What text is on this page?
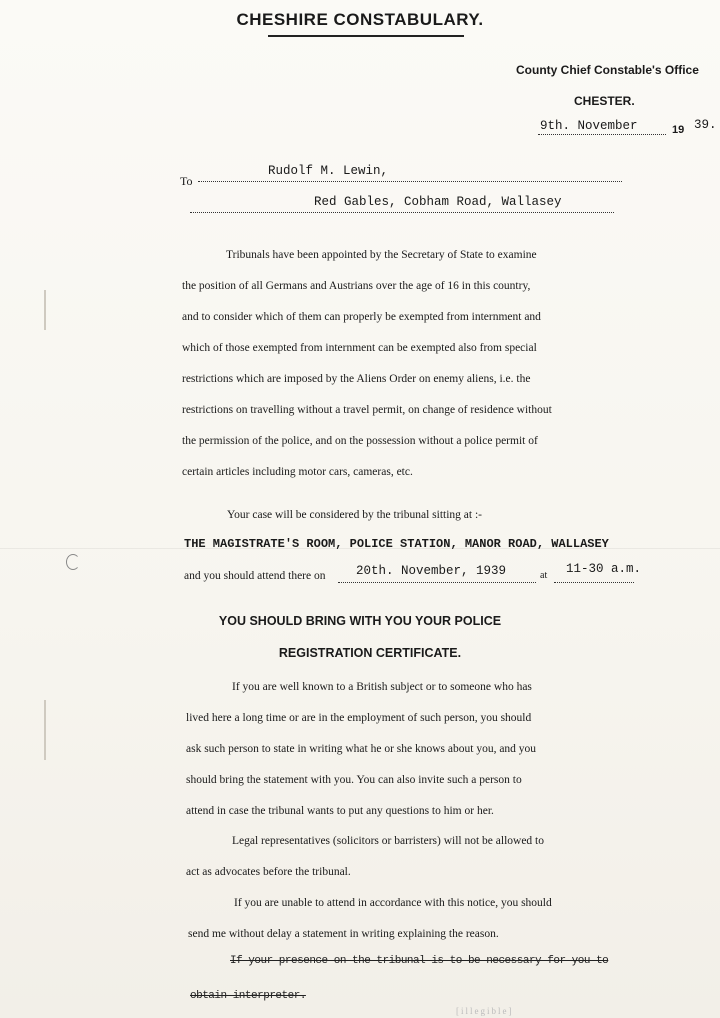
CHESHIRE CONSTABULARY.
County Chief Constable's Office
CHESTER.
9th. November	19 39.
To
Rudolf M. Lewin,
Red Gables, Cobham Road, Wallasey
Tribunals have been appointed by the Secretary of State to examine
the position of all Germans and Austrians over the age of 16 in this country,
and to consider which of them can properly be exempted from internment and
which of those exempted from internment can be exempted also from special
restrictions which are imposed by the Aliens Order on enemy aliens, i.e. the
restrictions on travelling without a travel permit, on change of residence without
the permission of the police, and on the possession without a police permit of
certain articles including motor cars, cameras, etc.
Your case will be considered by the tribunal sitting at :-
THE MAGISTRATE'S ROOM, POLICE STATION, MANOR ROAD, WALLASEY
and you should attend there on 20th. November, 1939	at 11-30 a.m.
YOU SHOULD BRING WITH YOU YOUR POLICE
REGISTRATION CERTIFICATE.
If you are well known to a British subject or to someone who has
lived here a long time or are in the employment of such person, you should
ask such person to state in writing what he or she knows about you, and you
should bring the statement with you. You can also invite such a person to
attend in case the tribunal wants to put any questions to him or her.
Legal representatives (solicitors or barristers) will not be allowed to
act as advocates before the tribunal.
If you are unable to attend in accordance with this notice, you should
send me without delay a statement in writing explaining the reason.
If your presence on the tribunal is to be necessary for you to
obtain interpreter.
[illegible]
